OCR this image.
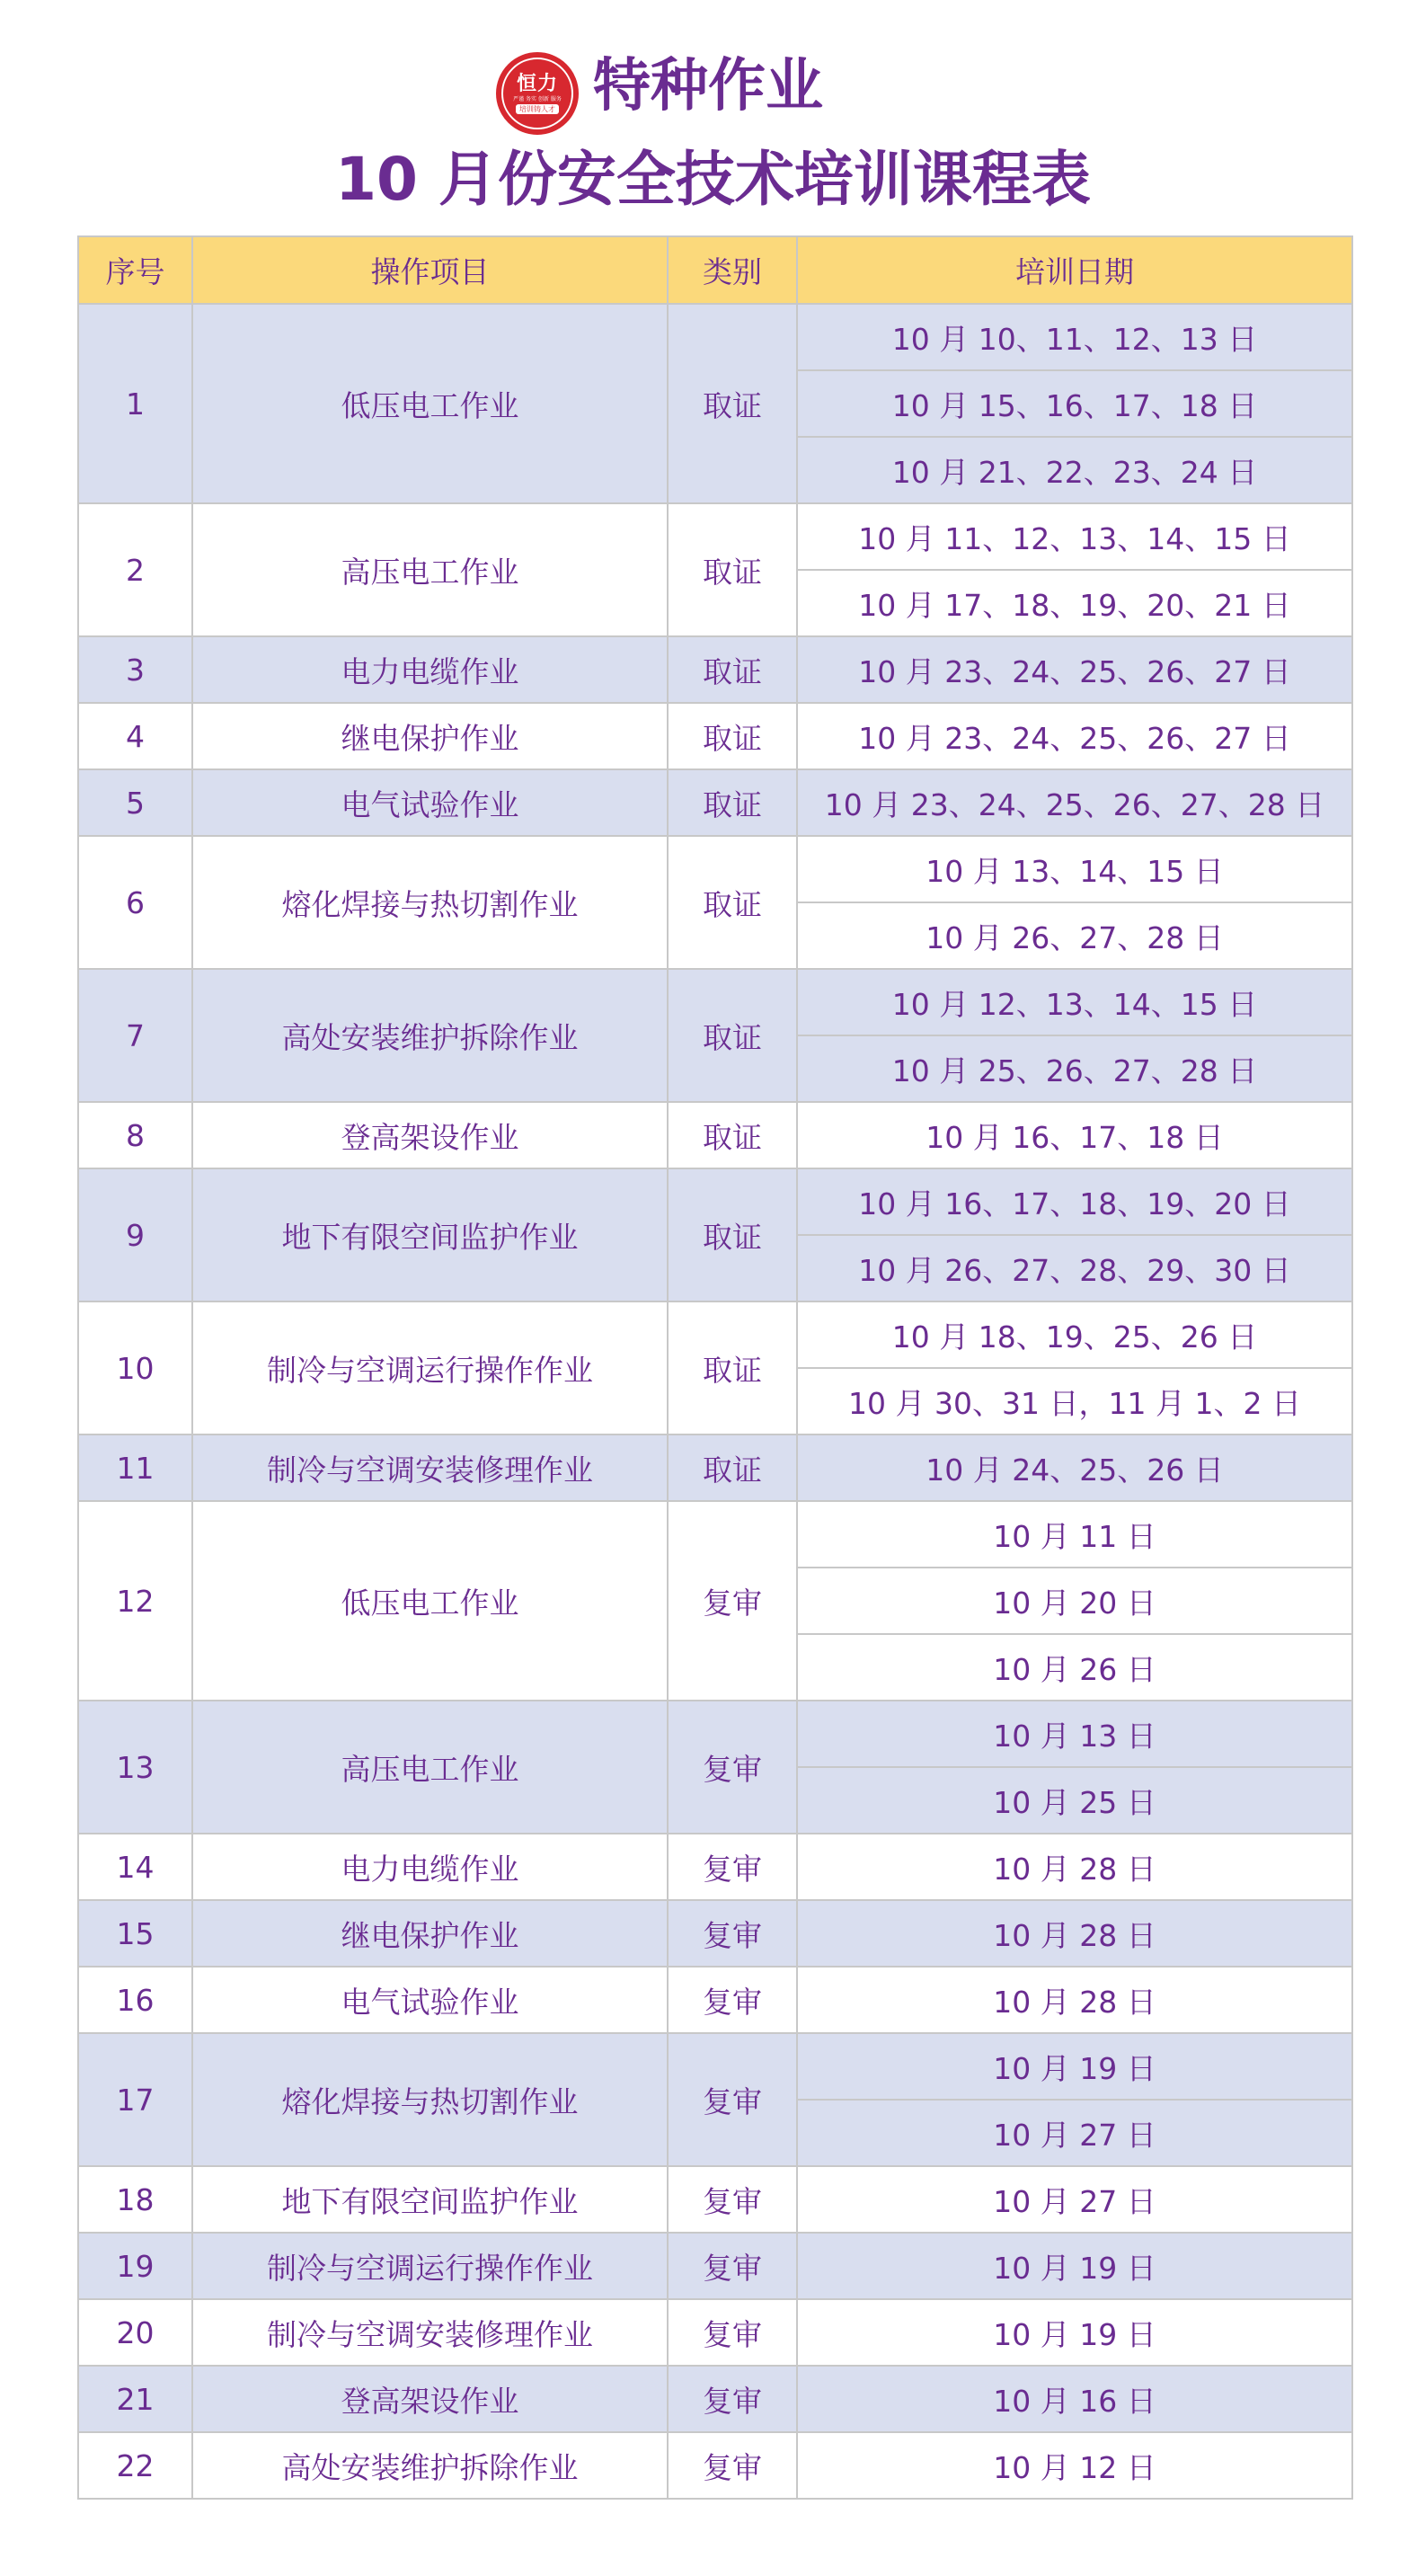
恒力
严谨 务实 创新 服务
培训铸人才 特种作业
10 月份安全技术培训课程表
序号	操作项目	类别	培训日期
1	低压电工作业	取证	10 月 10、11、12、13 日
			10 月 15、16、17、18 日
			10 月 21、22、23、24 日
2	高压电工作业	取证	10 月 11、12、13、14、15 日
			10 月 17、18、19、20、21 日
3	电力电缆作业	取证	10 月 23、24、25、26、27 日
4	继电保护作业	取证	10 月 23、24、25、26、27 日
5	电气试验作业	取证	10 月 23、24、25、26、27、28 日
6	熔化焊接与热切割作业	取证	10 月 13、14、15 日
			10 月 26、27、28 日
7	高处安装维护拆除作业	取证	10 月 12、13、14、15 日
			10 月 25、26、27、28 日
8	登高架设作业	取证	10 月 16、17、18 日
9	地下有限空间监护作业	取证	10 月 16、17、18、19、20 日
			10 月 26、27、28、29、30 日
10	制冷与空调运行操作作业	取证	10 月 18、19、25、26 日
			10 月 30、31 日，11 月 1、2 日
11	制冷与空调安装修理作业	取证	10 月 24、25、26 日
12	低压电工作业	复审	10 月 11 日
			10 月 20 日
			10 月 26 日
13	高压电工作业	复审	10 月 13 日
			10 月 25 日
14	电力电缆作业	复审	10 月 28 日
15	继电保护作业	复审	10 月 28 日
16	电气试验作业	复审	10 月 28 日
17	熔化焊接与热切割作业	复审	10 月 19 日
			10 月 27 日
18	地下有限空间监护作业	复审	10 月 27 日
19	制冷与空调运行操作作业	复审	10 月 19 日
20	制冷与空调安装修理作业	复审	10 月 19 日
21	登高架设作业	复审	10 月 16 日
22	高处安装维护拆除作业	复审	10 月 12 日
